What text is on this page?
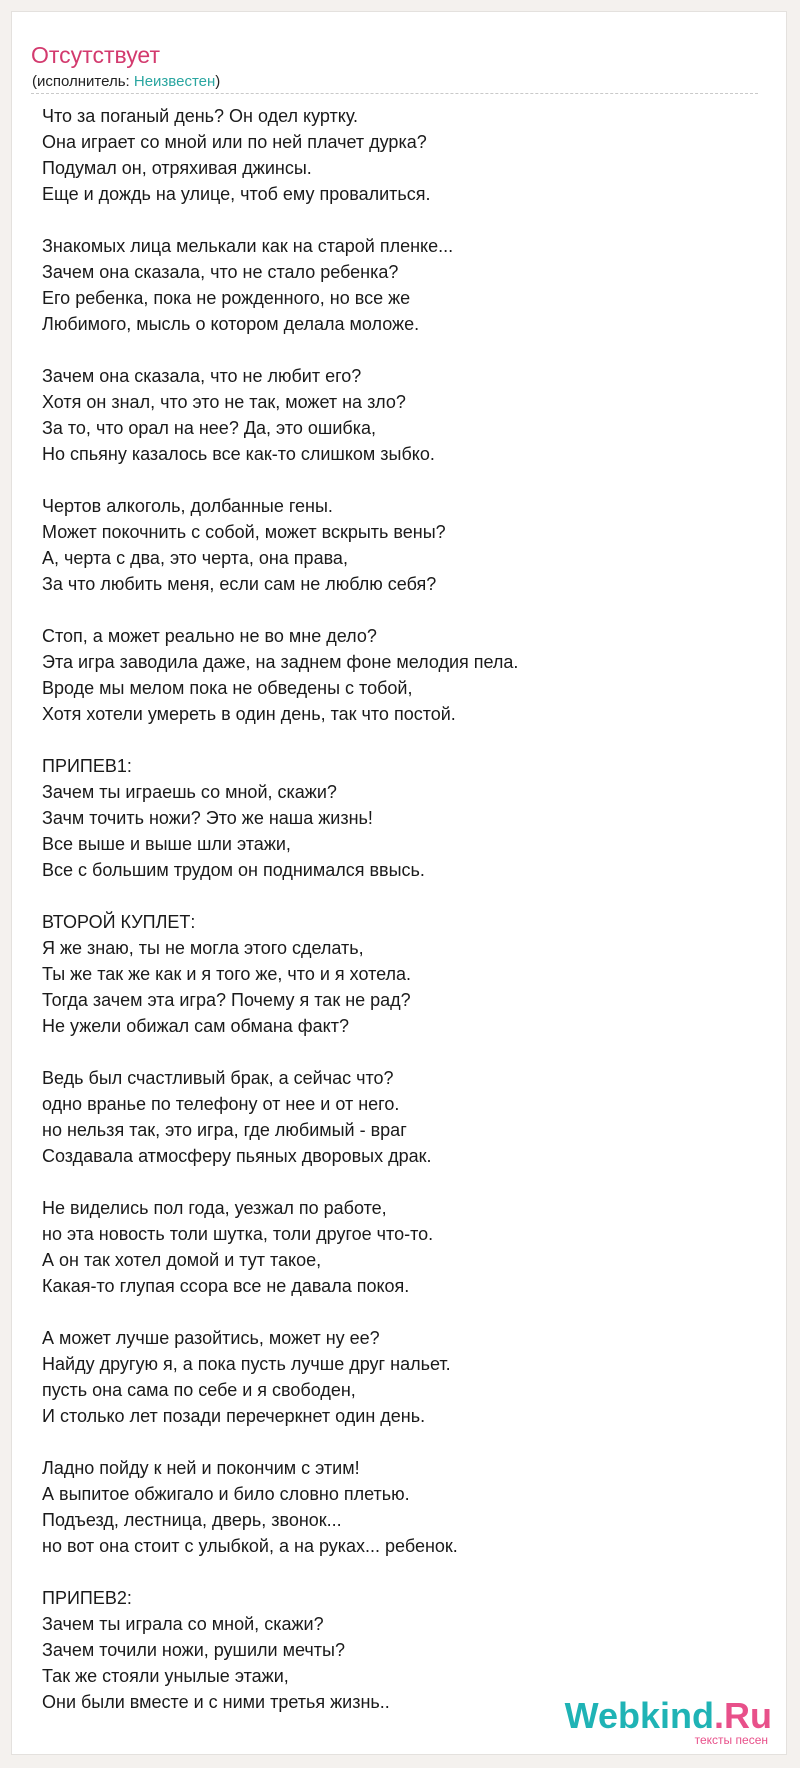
Отсутствует
(исполнитель: Неизвестен)
Что за поганый день? Он одел куртку.
Она играет со мной или по ней плачет дурка?
Подумал он, отряхивая джинсы.
Еще и дождь на улице, чтоб ему провалиться.
Знакомых лица мелькали как на старой пленке...
Зачем она сказала, что не стало ребенка?
Его ребенка, пока не рожденного, но все же
Любимого, мысль о котором делала моложе.
Зачем она сказала, что не любит его?
Хотя он знал, что это не так, может на зло?
За то, что орал на нее? Да, это ошибка,
Но спьяну казалось все как-то слишком зыбко.
Чертов алкоголь, долбанные гены.
Может покочнить с собой, может вскрыть вены?
А, черта с два, это черта, она права,
За что любить меня, если сам не люблю себя?
Стоп, а может реально не во мне дело?
Эта игра заводила даже, на заднем фоне мелодия пела.
Вроде мы мелом пока не обведены с тобой,
Хотя хотели умереть в один день, так что постой.
ПРИПЕВ1:
Зачем ты играешь со мной, скажи?
Зачм точить ножи? Это же наша жизнь!
Все выше и выше шли этажи,
Все с большим трудом он поднимался ввысь.
ВТОРОЙ КУПЛЕТ:
Я же знаю, ты не могла этого сделать,
Ты же так же как и я того же, что и я хотела.
Тогда зачем эта игра? Почему я так не рад?
Не ужели обижал сам обмана факт?
Ведь был счастливый брак, а сейчас что?
одно вранье по телефону от нее и от него.
но нельзя так, это игра, где любимый - враг
Создавала атмосферу пьяных дворовых драк.
Не виделись пол года, уезжал по работе,
но эта новость толи шутка, толи другое что-то.
А он так хотел домой и тут такое,
Какая-то глупая ссора все не давала покоя.
А может лучше разойтись, может ну ее?
Найду другую я, а пока пусть лучше друг нальет.
пусть она сама по себе и я свободен,
И столько лет позади перечеркнет один день.
Ладно пойду к ней и покончим с этим!
А выпитое обжигало и било словно плетью.
Подъезд, лестница, дверь, звонок...
но вот она стоит с улыбкой, а на руках... ребенок.
ПРИПЕВ2:
Зачем ты играла со мной, скажи?
Зачем точили ножи, рушили мечты?
Так же стояли унылые этажи,
Они были вместе и с ними третья жизнь..	Webkind.Ru
тексты песен
